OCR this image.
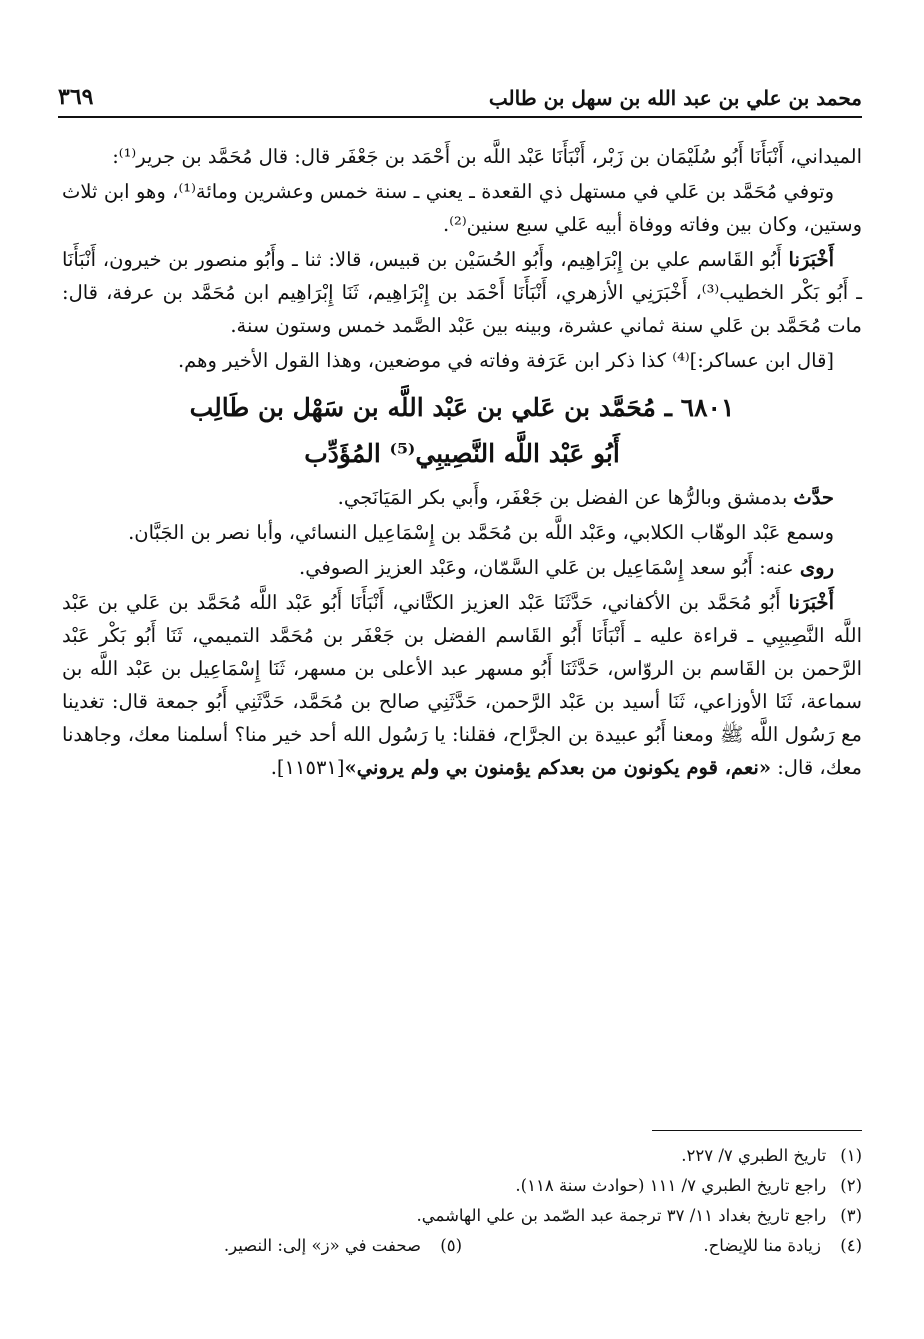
محمد بن علي بن عبد الله بن سهل بن طالب
٣٦٩

الميداني، أَنْبَأَنَا أَبُو سُلَيْمَان بن زَبْر، أَنْبَأَنَا عَبْد اللَّه بن أَحْمَد بن جَعْفَر قال: قال مُحَمَّد بن جرير⁽¹⁾:

وتوفي مُحَمَّد بن عَلي في مستهل ذي القعدة ـ يعني ـ سنة خمس وعشرين ومائة⁽¹⁾، وهو ابن ثلاث وستين، وكان بين وفاته ووفاة أبيه عَلي سبع سنين⁽²⁾.

أَخْبَرَنا أَبُو القَاسم علي بن إِبْرَاهِيم، وأَبُو الحُسَيْن بن قبيس، قالا: ثنا ـ وأَبُو منصور بن خيرون، أَنْبَأَنَا ـ أَبُو بَكْر الخطيب⁽³⁾، أَخْبَرَنِي الأزهري، أَنْبَأَنَا أَحْمَد بن إِبْرَاهِيم، ثَنَا إِبْرَاهِيم ابن مُحَمَّد بن عرفة، قال: مات مُحَمَّد بن عَلي سنة ثماني عشرة، وبينه بين عَبْد الصَّمد خمس وستون سنة.

[قال ابن عساكر:]⁽⁴⁾ كذا ذكر ابن عَرَفة وفاته في موضعين، وهذا القول الأخير وهم.

٦٨٠١ ـ مُحَمَّد بن عَلي بن عَبْد اللَّه بن سَهْل بن طَالِب
أَبُو عَبْد اللَّه النَّصِيبِي⁽⁵⁾ المُؤَدِّب

حدَّث بدمشق وبالرُّها عن الفضل بن جَعْفَر، وأَبي بكر المَيَانَجي.

وسمع عَبْد الوهّاب الكلابي، وعَبْد اللَّه بن مُحَمَّد بن إِسْمَاعِيل النسائي، وأبا نصر بن الجَبَّان.

روى عنه: أَبُو سعد إِسْمَاعِيل بن عَلي السَّمّان، وعَبْد العزيز الصوفي.

أَخْبَرَنا أَبُو مُحَمَّد بن الأكفاني، حَدَّثَنَا عَبْد العزيز الكتَّاني، أَنْبَأَنَا أَبُو عَبْد اللَّه مُحَمَّد بن عَلي بن عَبْد اللَّه النَّصِيبِي ـ قراءة عليه ـ أَنْبَأَنَا أَبُو القَاسم الفضل بن جَعْفَر بن مُحَمَّد التميمي، ثَنَا أَبُو بَكْر عَبْد الرَّحمن بن القَاسم بن الروّاس، حَدَّثَنَا أَبُو مسهر عبد الأعلى بن مسهر، ثَنَا إِسْمَاعِيل بن عَبْد اللَّه بن سماعة، ثَنَا الأوزاعي، ثَنَا أسيد بن عَبْد الرَّحمن، حَدَّثَنِي صالح بن مُحَمَّد، حَدَّثَنِي أَبُو جمعة قال: تغدينا مع رَسُول اللَّه ﷺ ومعنا أَبُو عبيدة بن الجرَّاح، فقلنا: يا رَسُول الله أحد خير منا؟ أسلمنا معك، وجاهدنا معك، قال: «نعم، قوم يكونون من بعدكم يؤمنون بي ولم يروني»[١١٥٣١].

(١)
تاريخ الطبري ٧/ ٢٢٧.
(٢)
راجع تاريخ الطبري ٧/ ١١١ (حوادث سنة ١١٨).
(٣)
راجع تاريخ بغداد ١١/ ٣٧ ترجمة عبد الصّمد بن علي الهاشمي.
(٤) زيادة منا للإيضاح.
(٥) صحفت في «ز» إلى: النصير.
